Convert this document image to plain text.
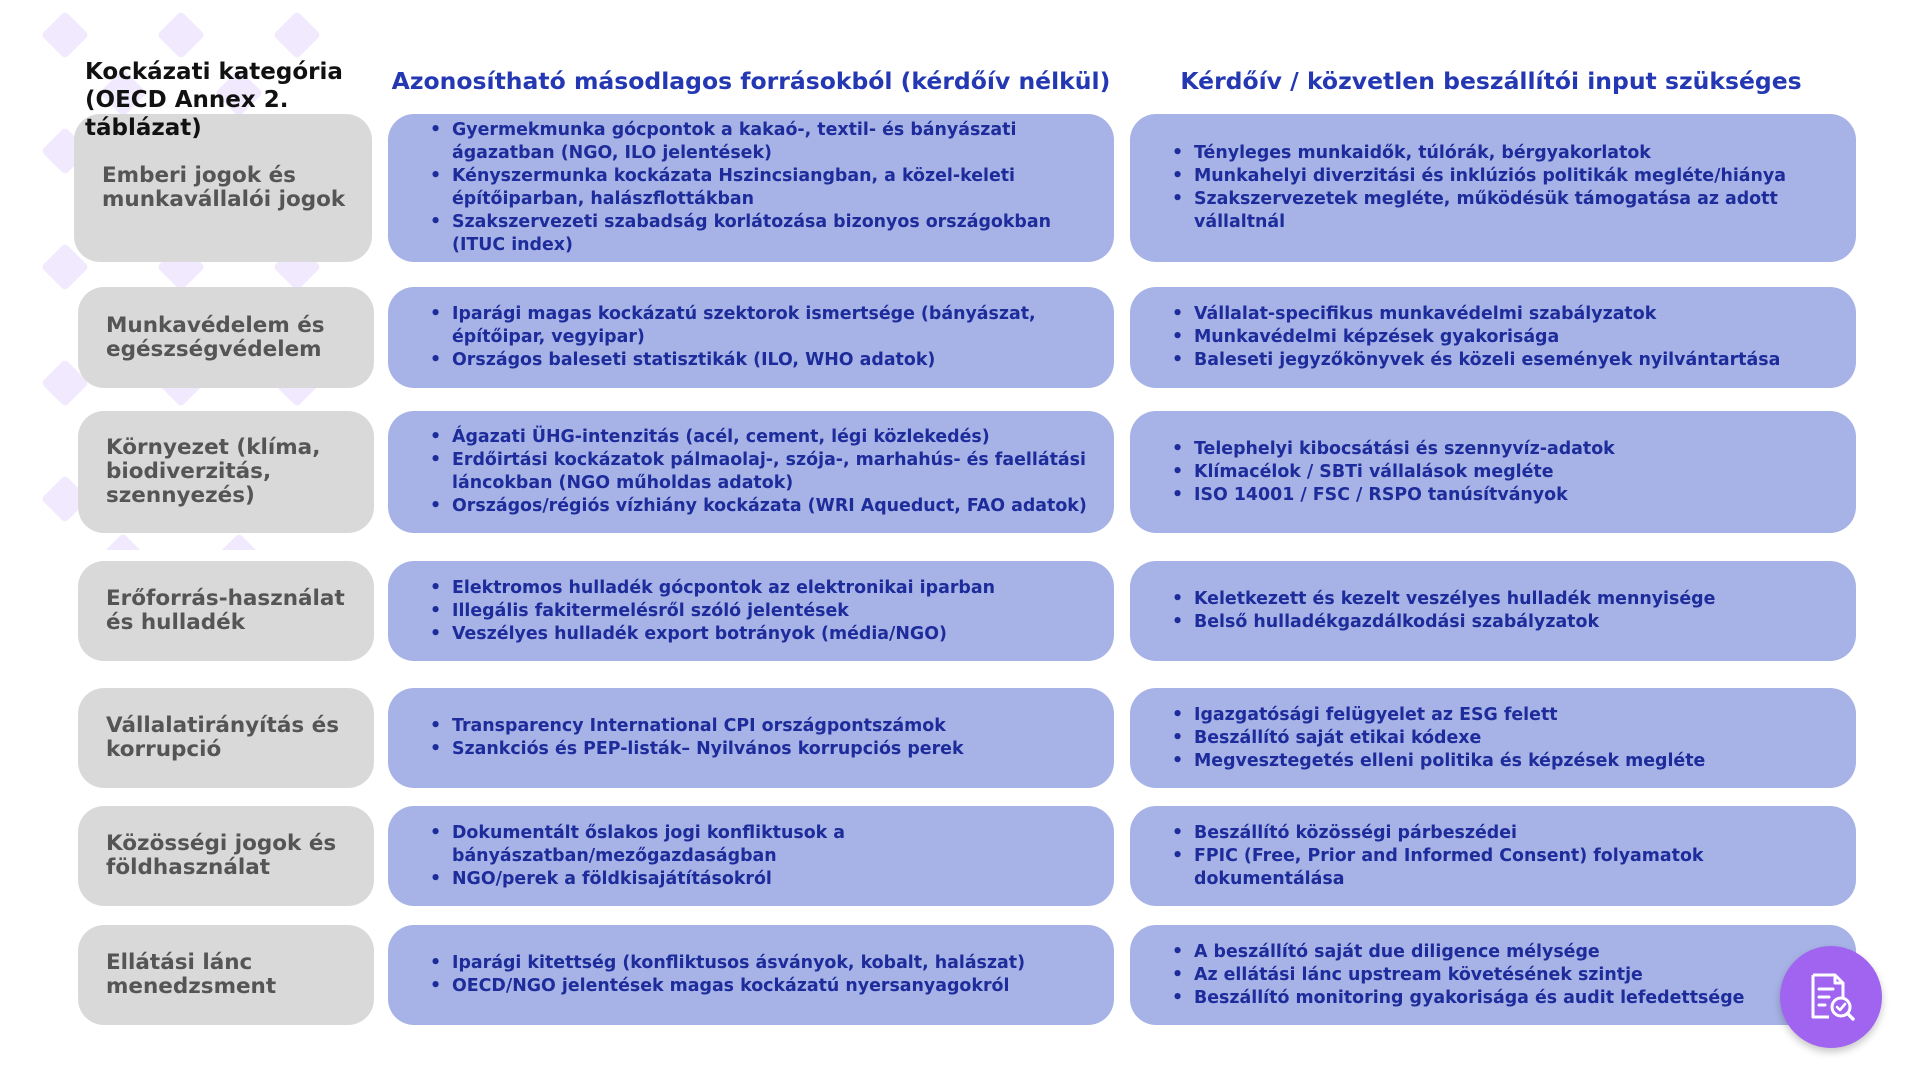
Kockázati kategória (OECD Annex 2. táblázat)
Azonosítható másodlagos forrásokból (kérdőív nélkül)	Kérdőív / közvetlen beszállítói input szükséges
Emberi jogok és munkavállalói jogok
• Gyermekmunka gócpontok a kakaó-, textil- és bányászati ágazatban (NGO, ILO jelentések)
• Kényszermunka kockázata Hszincsiangban, a közel-keleti építőiparban, halászflottákban
• Szakszervezeti szabadság korlátozása bizonyos országokban (ITUC index)
• Tényleges munkaidők, túlórák, bérgyakorlatok
• Munkahelyi diverzitási és inklúziós politikák megléte/hiánya
• Szakszervezetek megléte, működésük támogatása az adott vállaltnál
Munkavédelem és egészségvédelem
• Iparági magas kockázatú szektorok ismertsége (bányászat, építőipar, vegyipar)
• Országos baleseti statisztikák (ILO, WHO adatok)
• Vállalat-specifikus munkavédelmi szabályzatok
• Munkavédelmi képzések gyakorisága
• Baleseti jegyzőkönyvek és közeli események nyilvántartása
Környezet (klíma, biodiverzitás, szennyezés)
• Ágazati ÜHG-intenzitás (acél, cement, légi közlekedés)
• Erdőirtási kockázatok pálmaolaj-, szója-, marhahús- és faellátási láncokban (NGO műholdas adatok)
• Országos/régiós vízhiány kockázata (WRI Aqueduct, FAO adatok)
• Telephelyi kibocsátási és szennyvíz-adatok
• Klímacélok / SBTi vállalások megléte
• ISO 14001 / FSC / RSPO tanúsítványok
Erőforrás-használat és hulladék
• Elektromos hulladék gócpontok az elektronikai iparban
• Illegális fakitermelésről szóló jelentések
• Veszélyes hulladék export botrányok (média/NGO)
• Keletkezett és kezelt veszélyes hulladék mennyisége
• Belső hulladékgazdálkodási szabályzatok
Vállalatirányítás és korrupció
• Transparency International CPI országpontszámok
• Szankciós és PEP-listák– Nyilvános korrupciós perek
• Igazgatósági felügyelet az ESG felett
• Beszállító saját etikai kódexe
• Megvesztegetés elleni politika és képzések megléte
Közösségi jogok és földhasználat
• Dokumentált őslakos jogi konfliktusok a bányászatban/mezőgazdaságban
• NGO/perek a földkisajátításokról
• Beszállító közösségi párbeszédei
• FPIC (Free, Prior and Informed Consent) folyamatok dokumentálása
Ellátási lánc menedzsment
• Iparági kitettség (konfliktusos ásványok, kobalt, halászat)
• OECD/NGO jelentések magas kockázatú nyersanyagokról
• A beszállító saját due diligence mélysége
• Az ellátási lánc upstream követésének szintje
• Beszállító monitoring gyakorisága és audit lefedettsége
